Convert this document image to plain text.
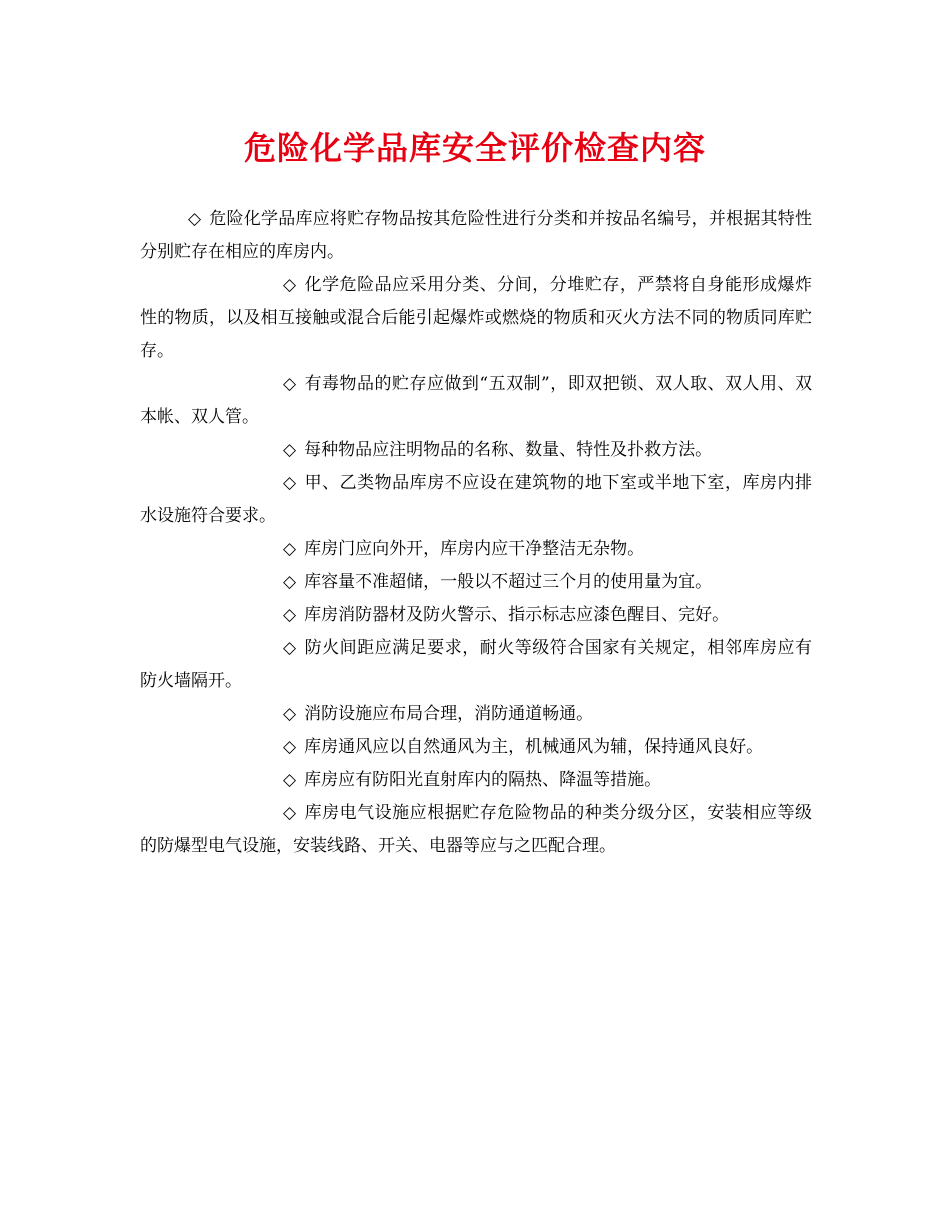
危险化学品库安全评价检查内容

◇ 危险化学品库应将贮存物品按其危险性进行分类和并按品名编号，并根据其特性分别贮存在相应的库房内。

◇ 化学危险品应采用分类、分间，分堆贮存，严禁将自身能形成爆炸性的物质，以及相互接触或混合后能引起爆炸或燃烧的物质和灭火方法不同的物质同库贮存。

◇ 有毒物品的贮存应做到“五双制”，即双把锁、双人取、双人用、双本帐、双人管。

◇ 每种物品应注明物品的名称、数量、特性及扑救方法。

◇ 甲、乙类物品库房不应设在建筑物的地下室或半地下室，库房内排水设施符合要求。

◇ 库房门应向外开，库房内应干净整洁无杂物。

◇ 库容量不准超储，一般以不超过三个月的使用量为宜。

◇ 库房消防器材及防火警示、指示标志应漆色醒目、完好。

◇ 防火间距应满足要求，耐火等级符合国家有关规定，相邻库房应有防火墙隔开。

◇ 消防设施应布局合理，消防通道畅通。

◇ 库房通风应以自然通风为主，机械通风为辅，保持通风良好。

◇ 库房应有防阳光直射库内的隔热、降温等措施。

◇ 库房电气设施应根据贮存危险物品的种类分级分区，安装相应等级的防爆型电气设施，安装线路、开关、电器等应与之匹配合理。
